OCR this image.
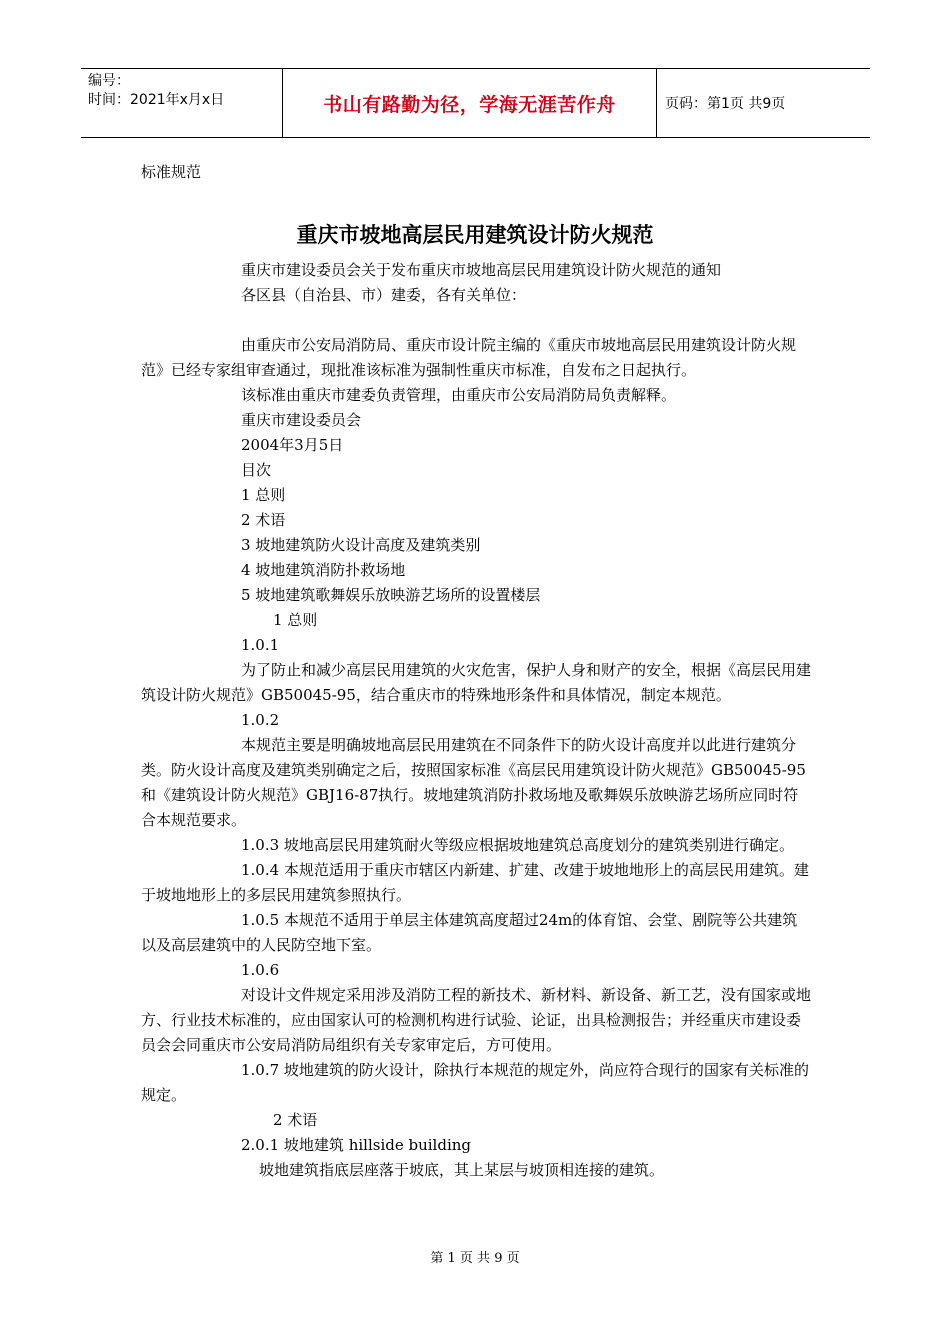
编号：
时间：2021年x月x日	书山有路勤为径，学海无涯苦作舟	页码：第1页 共9页
标准规范
重庆市坡地高层民用建筑设计防火规范

重庆市建设委员会关于发布重庆市坡地高层民用建筑设计防火规范的通知

各区县（自治县、市）建委，各有关单位：

由重庆市公安局消防局、重庆市设计院主编的《重庆市坡地高层民用建筑设计防火规范》已经专家组审查通过，现批准该标准为强制性重庆市标准，自发布之日起执行。

该标准由重庆市建委负责管理，由重庆市公安局消防局负责解释。

重庆市建设委员会

2004年3月5日

目次

1 总则

2 术语

3 坡地建筑防火设计高度及建筑类别

4 坡地建筑消防扑救场地

5 坡地建筑歌舞娱乐放映游艺场所的设置楼层

1 总则

1.0.1

为了防止和减少高层民用建筑的火灾危害，保护人身和财产的安全，根据《高层民用建筑设计防火规范》GB50045-95，结合重庆市的特殊地形条件和具体情况，制定本规范。

1.0.2

本规范主要是明确坡地高层民用建筑在不同条件下的防火设计高度并以此进行建筑分类。防火设计高度及建筑类别确定之后，按照国家标准《高层民用建筑设计防火规范》GB50045-95和《建筑设计防火规范》GBJ16-87执行。坡地建筑消防扑救场地及歌舞娱乐放映游艺场所应同时符合本规范要求。

1.0.3 坡地高层民用建筑耐火等级应根据坡地建筑总高度划分的建筑类别进行确定。

1.0.4 本规范适用于重庆市辖区内新建、扩建、改建于坡地地形上的高层民用建筑。建于坡地地形上的多层民用建筑参照执行。

1.0.5 本规范不适用于单层主体建筑高度超过24m的体育馆、会堂、剧院等公共建筑以及高层建筑中的人民防空地下室。

1.0.6

对设计文件规定采用涉及消防工程的新技术、新材料、新设备、新工艺，没有国家或地方、行业技术标准的，应由国家认可的检测机构进行试验、论证，出具检测报告；并经重庆市建设委员会会同重庆市公安局消防局组织有关专家审定后，方可使用。

1.0.7 坡地建筑的防火设计，除执行本规范的规定外，尚应符合现行的国家有关标准的规定。

2 术语

2.0.1 坡地建筑 hillside building

坡地建筑指底层座落于坡底，其上某层与坡顶相连接的建筑。

第 1 页 共 9 页
